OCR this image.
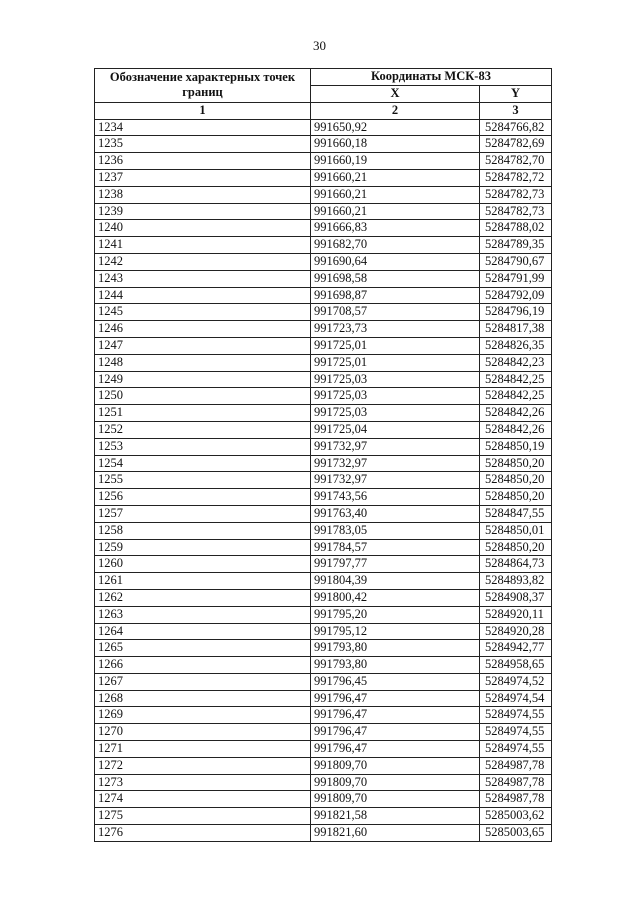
30
Обозначение характерных точек границ	Координаты МСК-83	
	X	Y
1	2	3
1234	991650,92	5284766,82
1235	991660,18	5284782,69
1236	991660,19	5284782,70
1237	991660,21	5284782,72
1238	991660,21	5284782,73
1239	991660,21	5284782,73
1240	991666,83	5284788,02
1241	991682,70	5284789,35
1242	991690,64	5284790,67
1243	991698,58	5284791,99
1244	991698,87	5284792,09
1245	991708,57	5284796,19
1246	991723,73	5284817,38
1247	991725,01	5284826,35
1248	991725,01	5284842,23
1249	991725,03	5284842,25
1250	991725,03	5284842,25
1251	991725,03	5284842,26
1252	991725,04	5284842,26
1253	991732,97	5284850,19
1254	991732,97	5284850,20
1255	991732,97	5284850,20
1256	991743,56	5284850,20
1257	991763,40	5284847,55
1258	991783,05	5284850,01
1259	991784,57	5284850,20
1260	991797,77	5284864,73
1261	991804,39	5284893,82
1262	991800,42	5284908,37
1263	991795,20	5284920,11
1264	991795,12	5284920,28
1265	991793,80	5284942,77
1266	991793,80	5284958,65
1267	991796,45	5284974,52
1268	991796,47	5284974,54
1269	991796,47	5284974,55
1270	991796,47	5284974,55
1271	991796,47	5284974,55
1272	991809,70	5284987,78
1273	991809,70	5284987,78
1274	991809,70	5284987,78
1275	991821,58	5285003,62
1276	991821,60	5285003,65
